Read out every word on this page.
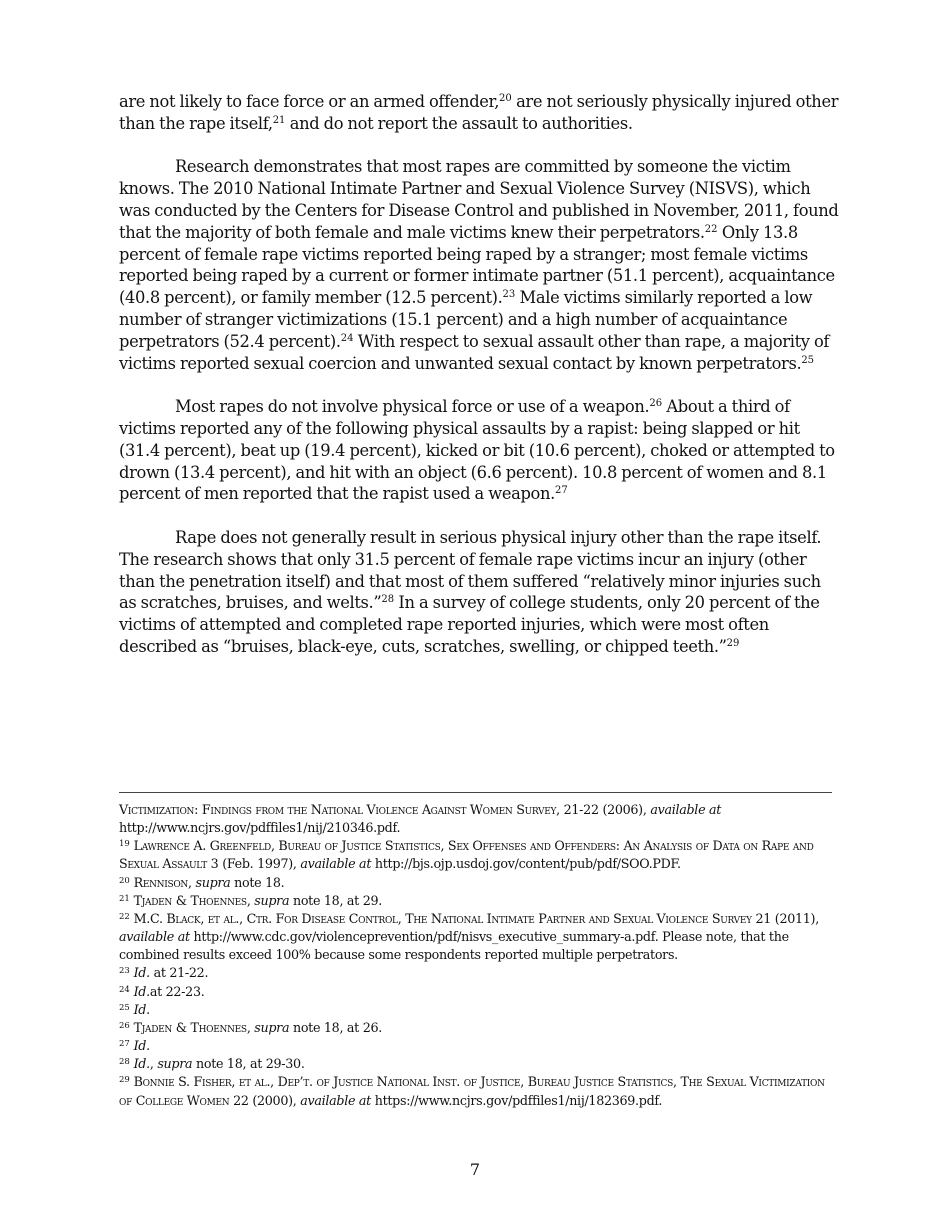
are not likely to face force or an armed offender,$^{20}$ are not seriously physically injured other than the rape itself,$^{21}$ and do not report the assault to authorities.

Research demonstrates that most rapes are committed by someone the victim knows. The 2010 National Intimate Partner and Sexual Violence Survey (NISVS), which was conducted by the Centers for Disease Control and published in November, 2011, found that the majority of both female and male victims knew their perpetrators.$^{22}$ Only 13.8 percent of female rape victims reported being raped by a stranger; most female victims reported being raped by a current or former intimate partner (51.1 percent), acquaintance (40.8 percent), or family member (12.5 percent).$^{23}$ Male victims similarly reported a low number of stranger victimizations (15.1 percent) and a high number of acquaintance perpetrators (52.4 percent).$^{24}$ With respect to sexual assault other than rape, a majority of victims reported sexual coercion and unwanted sexual contact by known perpetrators.$^{25}$

Most rapes do not involve physical force or use of a weapon.$^{26}$ About a third of victims reported any of the following physical assaults by a rapist: being slapped or hit (31.4 percent), beat up (19.4 percent), kicked or bit (10.6 percent), choked or attempted to drown (13.4 percent), and hit with an object (6.6 percent). 10.8 percent of women and 8.1 percent of men reported that the rapist used a weapon.$^{27}$

Rape does not generally result in serious physical injury other than the rape itself. The research shows that only 31.5 percent of female rape victims incur an injury (other than the penetration itself) and that most of them suffered “relatively minor injuries such as scratches, bruises, and welts.”$^{28}$ In a survey of college students, only 20 percent of the victims of attempted and completed rape reported injuries, which were most often described as “bruises, black-eye, cuts, scratches, swelling, or chipped teeth.”$^{29}$

Victimization: Findings from the National Violence Against Women Survey, 21-22 (2006), available at http://www.ncjrs.gov/pdffiles1/nij/210346.pdf.

$^{19}$ Lawrence A. Greenfeld, Bureau of Justice Statistics, Sex Offenses and Offenders: An Analysis of Data on Rape and Sexual Assault 3 (Feb. 1997), available at http://bjs.ojp.usdoj.gov/content/pub/pdf/SOO.PDF.

$^{20}$ Rennison, supra note 18.

$^{21}$ Tjaden & Thoennes, supra note 18, at 29.

$^{22}$ M.C. Black, et al., Ctr. For Disease Control, The National Intimate Partner and Sexual Violence Survey 21 (2011), available at http://www.cdc.gov/violenceprevention/pdf/nisvs_executive_summary-a.pdf. Please note, that the combined results exceed 100% because some respondents reported multiple perpetrators.

$^{23}$ Id. at 21-22.

$^{24}$ Id.at 22-23.

$^{25}$ Id.

$^{26}$ Tjaden & Thoennes, supra note 18, at 26.

$^{27}$ Id.

$^{28}$ Id., supra note 18, at 29-30.

$^{29}$ Bonnie S. Fisher, et al., Dep’t. of Justice National Inst. of Justice, Bureau Justice Statistics, The Sexual Victimization of College Women 22 (2000), available at https://www.ncjrs.gov/pdffiles1/nij/182369.pdf.

7
